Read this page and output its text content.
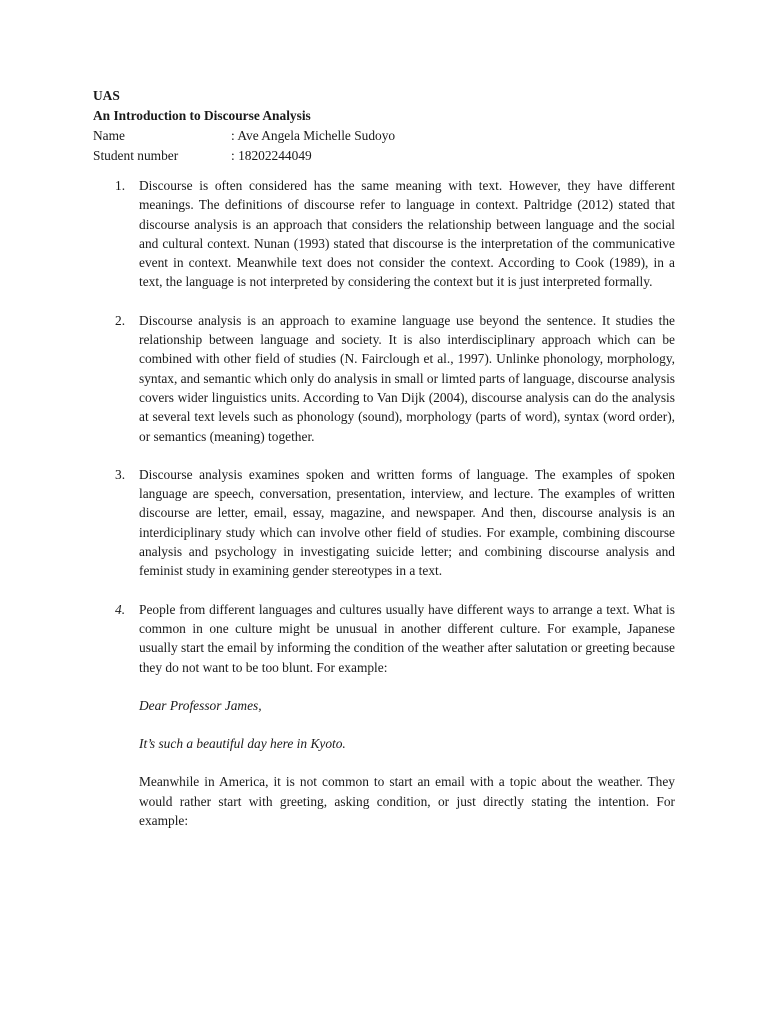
UAS
An Introduction to Discourse Analysis
Name	: Ave Angela Michelle Sudoyo
Student number	: 18202244049
1.	Discourse is often considered has the same meaning with text. However, they have different meanings. The definitions of discourse refer to language in context. Paltridge (2012) stated that discourse analysis is an approach that considers the relationship between language and the social and cultural context. Nunan (1993) stated that discourse is the interpretation of the communicative event in context. Meanwhile text does not consider the context. According to Cook (1989), in a text, the language is not interpreted by considering the context but it is just interpreted formally.

2.	Discourse analysis is an approach to examine language use beyond the sentence. It studies the relationship between language and society. It is also interdisciplinary approach which can be combined with other field of studies (N. Fairclough et al., 1997). Unlinke phonology, morphology, syntax, and semantic which only do analysis in small or limted parts of language, discourse analysis covers wider linguistics units. According to Van Dijk (2004), discourse analysis can do the analysis at several text levels such as phonology (sound), morphology (parts of word), syntax (word order), or semantics (meaning) together.

3.	Discourse analysis examines spoken and written forms of language. The examples of spoken language are speech, conversation, presentation, interview, and lecture. The examples of written discourse are letter, email, essay, magazine, and newspaper. And then, discourse analysis is an interdiciplinary study which can involve other field of studies. For example, combining discourse analysis and psychology in investigating suicide letter; and combining discourse analysis and feminist study in examining gender stereotypes in a text.

4.	People from different languages and cultures usually have different ways to arrange a text. What is common in one culture might be unusual in another different culture. For example, Japanese usually start the email by informing the condition of the weather after salutation or greeting because they do not want to be too blunt. For example:

Dear Professor James,

It’s such a beautiful day here in Kyoto.

Meanwhile in America, it is not common to start an email with a topic about the weather. They would rather start with greeting, asking condition, or just directly stating the intention. For example:
